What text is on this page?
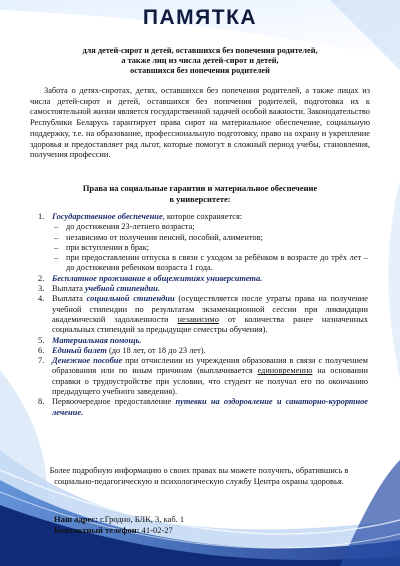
ПАМЯТКА
для детей-сирот и детей, оставшихся без попечения родителей,
а также лиц из числа детей-сирот и детей,
оставшихся без попечения родителей

Забота о детях-сиротах, детях, оставшихся без попечения родителей, а также лицах из числа детей-сирот и детей, оставшихся без попечения родителей, подготовка их к самостоятельной жизни является государственной задачей особой важности. Законодательство Республики Беларусь гарантирует права сирот на материальное обеспечение, социальную поддержку, т.е. на образование, профессиональную подготовку, право на охрану и укрепление здоровья и предоставляет ряд льгот, которые помогут в сложный период учебы, становления, получения профессии.

Права на социальные гарантии и материальное обеспечение
в университете:
1. Государственное обеспечение, которое сохраняется:
– до достижения 23-летнего возраста;
– независимо от получения пенсий, пособий, алиментов;
– при вступлении в брак;
– при предоставлении отпуска в связи с уходом за ребёнком в возрасте до трёх лет – до достижения ребенком возраста 1 года.
2. Бесплатное проживание в общежитиях университета.
3. Выплата учебной стипендии.
4. Выплата социальной стипендии (осуществляется после утраты права на получение учебной стипендии по результатам экзаменационной сессии при ликвидации академической задолженности независимо от количества ранее назначенных социальных стипендий за предыдущие семестры обучения).
5. Материальная помощь.
6. Единый билет (до 18 лет, от 18 до 23 лет).
7. Денежное пособие при отчислении из учреждения образования в связи с получением образования или по иным причинам (выплачивается единовременно на основании справки о трудоустройстве при условии, что студент не получал его по окончанию предыдущего учебного заведения).
8. Первоочередное предоставление путевки на оздоровление и санаторно-курортное лечение.
Более подробную информацию о своих правах вы можете получить, обратившись в социально-педагогическую и психологическую службу Центра охраны здоровья.
Наш адрес: г.Гродно, БЛК, 3, каб. 1
Контактный телефон: 41-02-27
